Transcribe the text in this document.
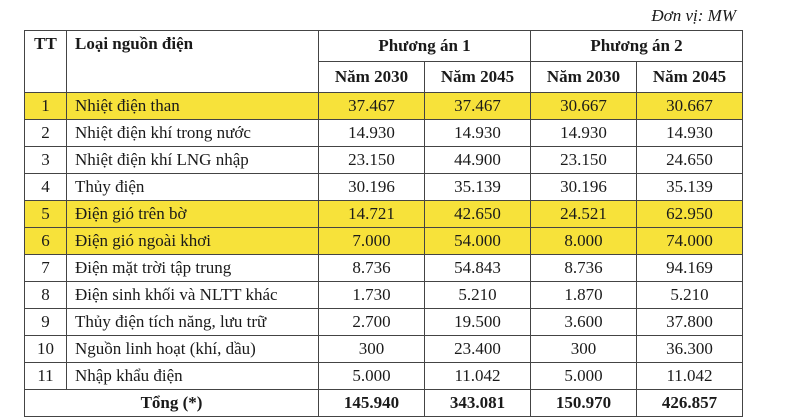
Đơn vị: MW
TT	Loại nguồn điện	Phương án 1		Phương án 2	
		Năm 2030	Năm 2045	Năm 2030	Năm 2045
1	Nhiệt điện than	37.467	37.467	30.667	30.667
2	Nhiệt điện khí trong nước	14.930	14.930	14.930	14.930
3	Nhiệt điện khí LNG nhập	23.150	44.900	23.150	24.650
4	Thủy điện	30.196	35.139	30.196	35.139
5	Điện gió trên bờ	14.721	42.650	24.521	62.950
6	Điện gió ngoài khơi	7.000	54.000	8.000	74.000
7	Điện mặt trời tập trung	8.736	54.843	8.736	94.169
8	Điện sinh khối và NLTT khác	1.730	5.210	1.870	5.210
9	Thủy điện tích năng, lưu trữ	2.700	19.500	3.600	37.800
10	Nguồn linh hoạt (khí, dầu)	300	23.400	300	36.300
11	Nhập khẩu điện	5.000	11.042	5.000	11.042
Tổng (*)		145.940	343.081	150.970	426.857
